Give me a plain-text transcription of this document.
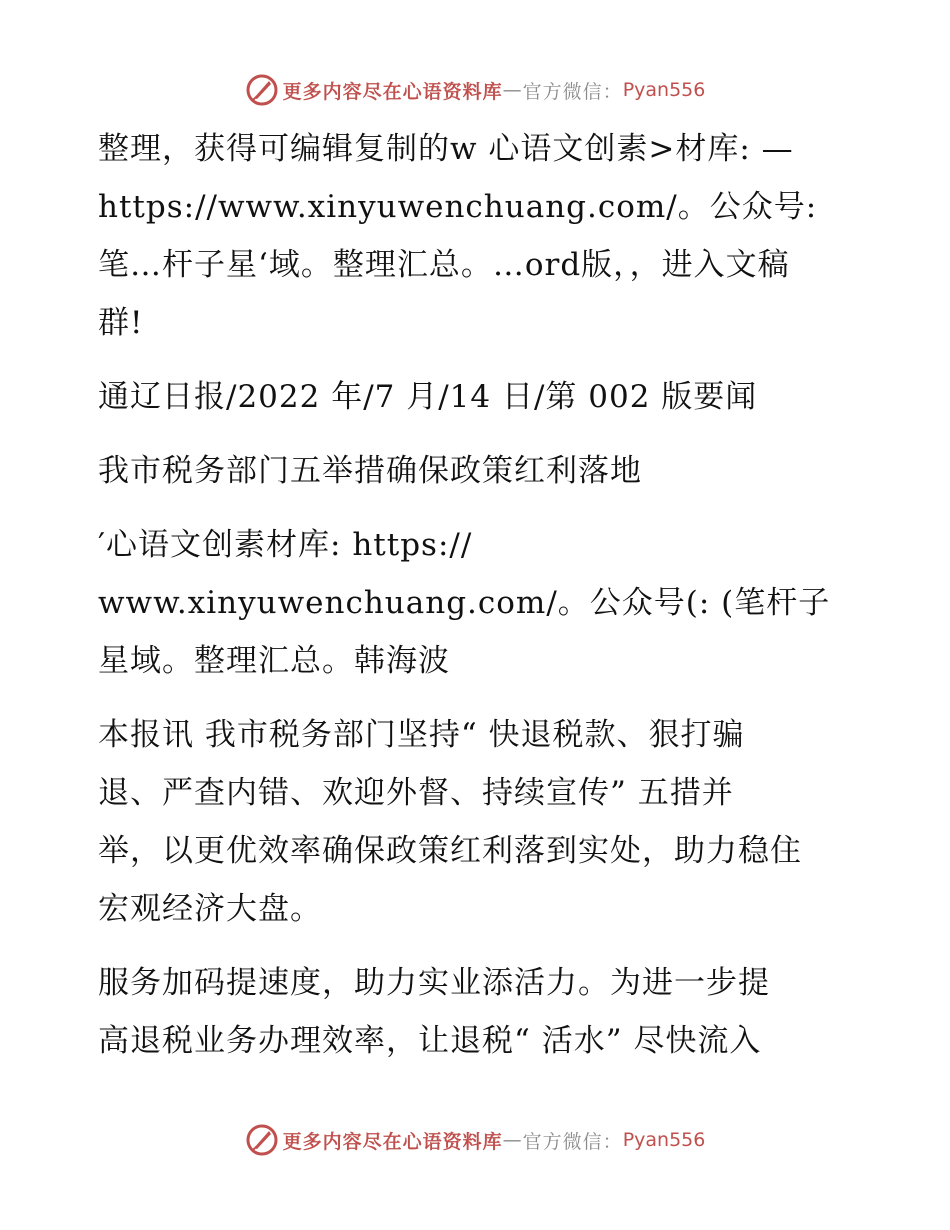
更多内容尽在心语资料库 — 官方微信： Pyan556
整理，获得可编辑复制的w 心语文创素>材库: —
https://www.xinyuwenchuang.com/。公众号:
笔…杆子星‘域。整理汇总。…ord版，，进入文稿
群!
通辽日报/2022 年/7 月/14 日/第 002 版要闻
我市税务部门五举措确保政策红利落地
′心语文创素材库: https://
www.xinyuwenchuang.com/。公众号(: (笔杆子
星域。整理汇总。韩海波
本报讯 我市税务部门坚持“ 快退税款、狠打骗
退、严查内错、欢迎外督、持续宣传” 五措并
举，以更优效率确保政策红利落到实处，助力稳住
宏观经济大盘。
服务加码提速度，助力实业添活力。为进一步提
高退税业务办理效率，让退税“ 活水” 尽快流入
更多内容尽在心语资料库 — 官方微信： Pyan556
